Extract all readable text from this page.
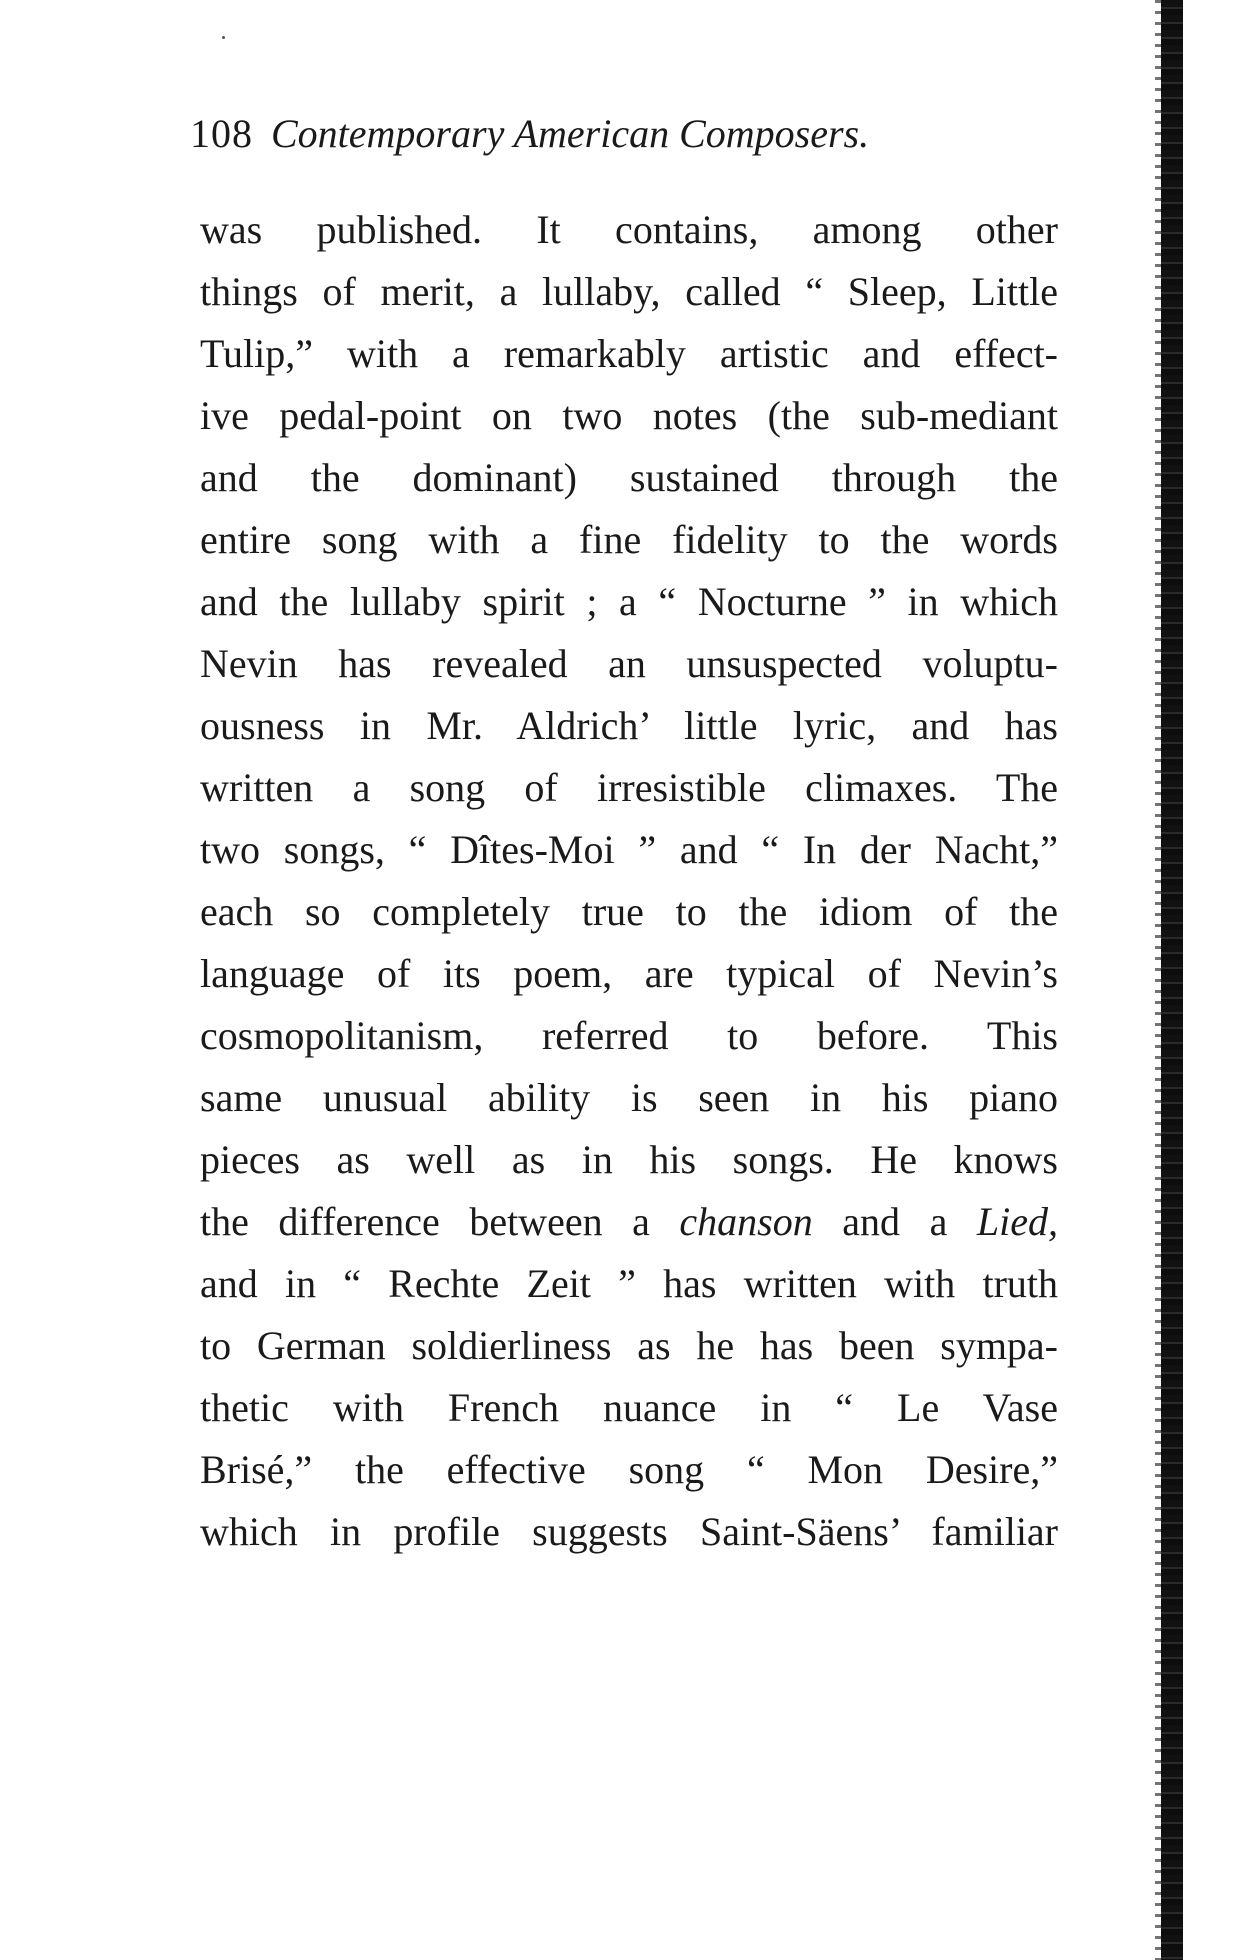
108 Contemporary American Composers.
was published. It contains, among other
things of merit, a lullaby, called “ Sleep, Little
Tulip,” with a remarkably artistic and effect-
ive pedal-point on two notes (the sub-mediant
and the dominant) sustained through the
entire song with a fine fidelity to the words
and the lullaby spirit ; a “ Nocturne ” in which
Nevin has revealed an unsuspected voluptu-
ousness in Mr. Aldrich’ little lyric, and has
written a song of irresistible climaxes. The
two songs, “ Dîtes-Moi ” and “ In der Nacht,”
each so completely true to the idiom of the
language of its poem, are typical of Nevin’s
cosmopolitanism, referred to before. This
same unusual ability is seen in his piano
pieces as well as in his songs. He knows
the difference between a chanson and a Lied,
and in “ Rechte Zeit ” has written with truth
to German soldierliness as he has been sympa-
thetic with French nuance in “ Le Vase
Brisé,” the effective song “ Mon Desire,”
which in profile suggests Saint-Säens’ familiar
